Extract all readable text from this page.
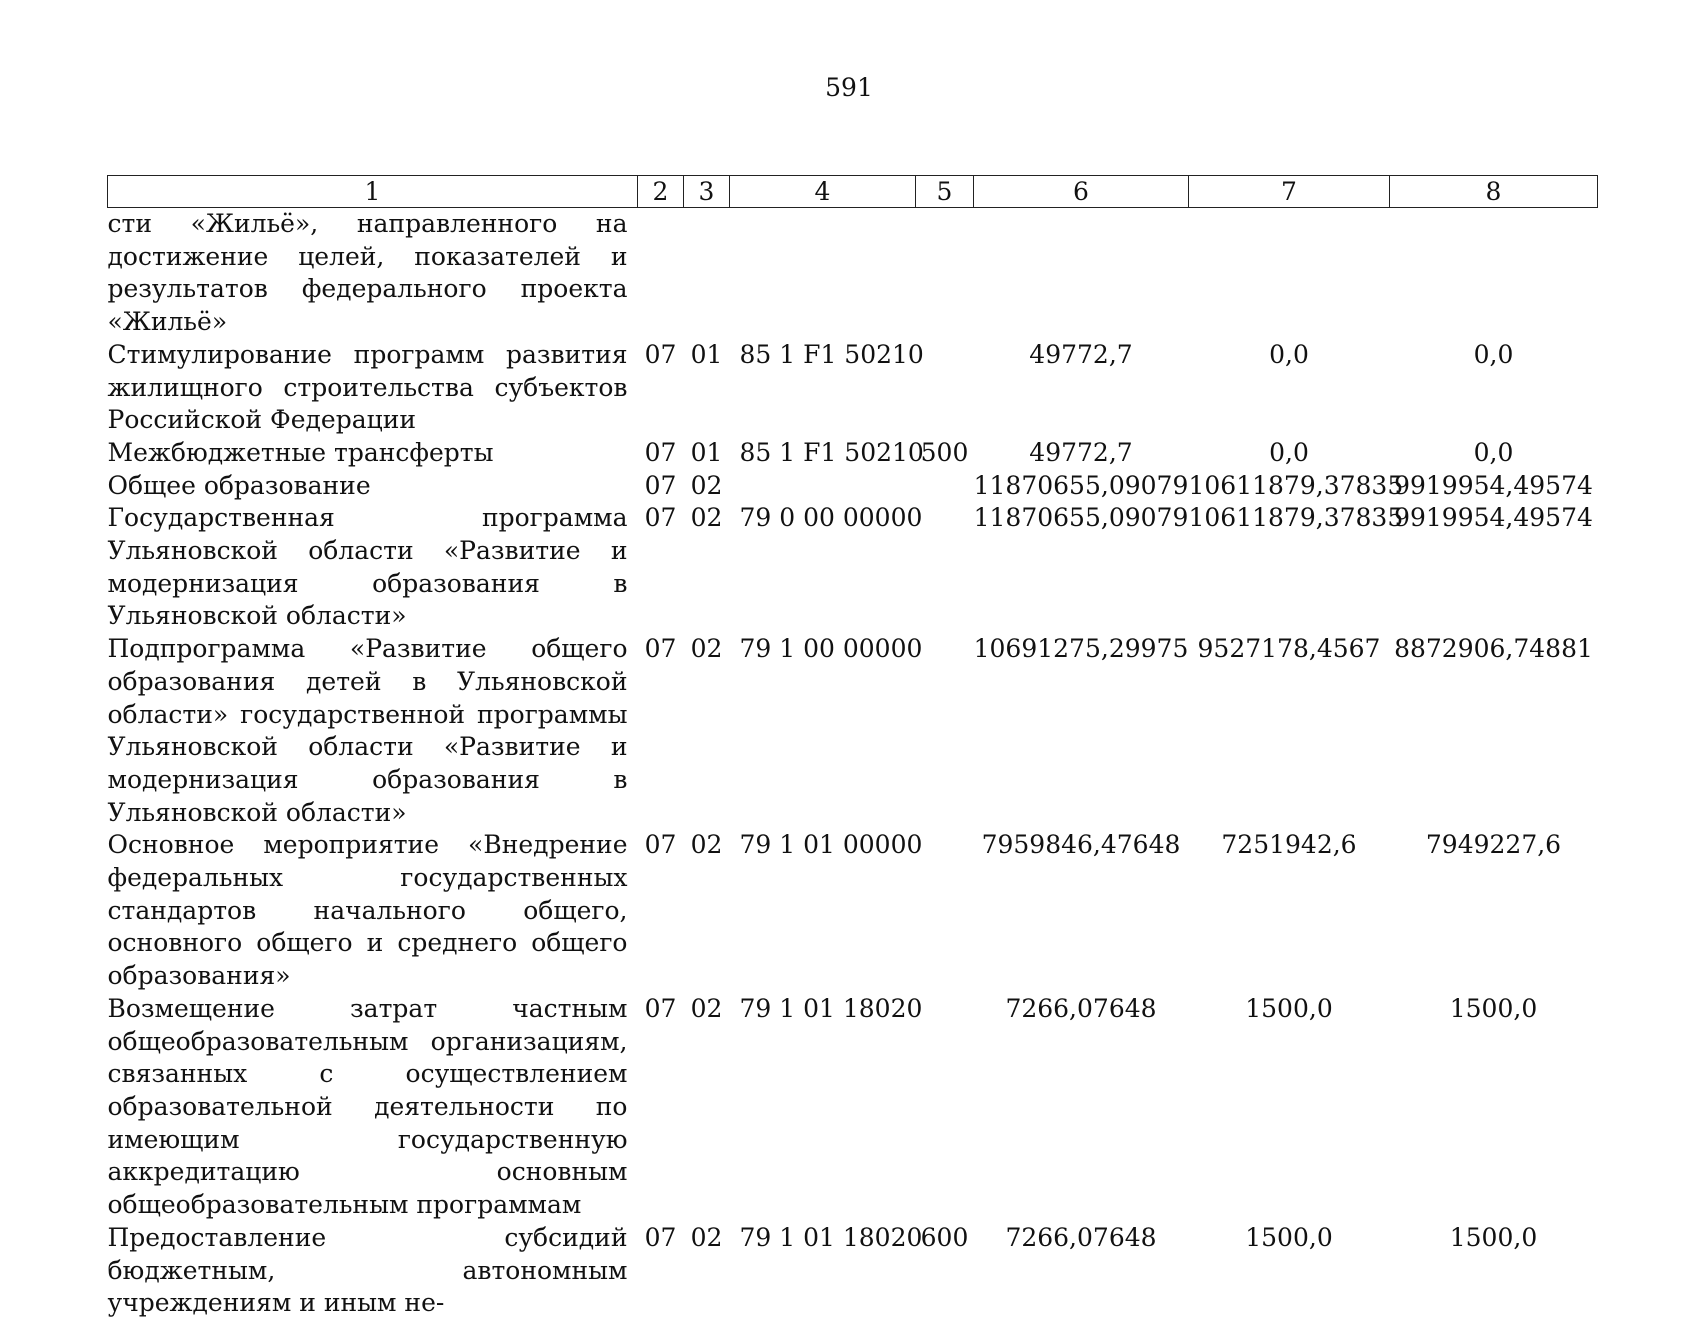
591
1	2	3	4	5	6	7	8
сти «Жильё», направленного на достижение целей, показателей и результатов федерального проекта «Жильё»							
Стимулирование программ развития жилищного строительства субъектов Российской Федерации	07	01	85 1 F1 50210		49772,7	0,0	0,0
Межбюджетные трансферты	07	01	85 1 F1 50210	500	49772,7	0,0	0,0
Общее образование	07	02			11870655,09079	10611879,37835	9919954,49574
Государственная программа Ульяновской области «Развитие и модернизация образования в Ульяновской области»	07	02	79 0 00 00000		11870655,09079	10611879,37835	9919954,49574
Подпрограмма «Развитие общего образования детей в Ульяновской области» государственной программы Ульяновской области «Развитие и модернизация образования в Ульяновской области»	07	02	79 1 00 00000		10691275,29975	9527178,4567	8872906,74881
Основное мероприятие «Внедрение федеральных государственных стандартов начального общего, основного общего и среднего общего образования»	07	02	79 1 01 00000		7959846,47648	7251942,6	7949227,6
Возмещение затрат частным общеобразовательным организациям, связанных с осуществлением образовательной деятельности по имеющим государственную аккредитацию основным общеобразовательным программам	07	02	79 1 01 18020		7266,07648	1500,0	1500,0
Предоставление субсидий бюджетным, автономным учреждениям и иным не-	07	02	79 1 01 18020	600	7266,07648	1500,0	1500,0
